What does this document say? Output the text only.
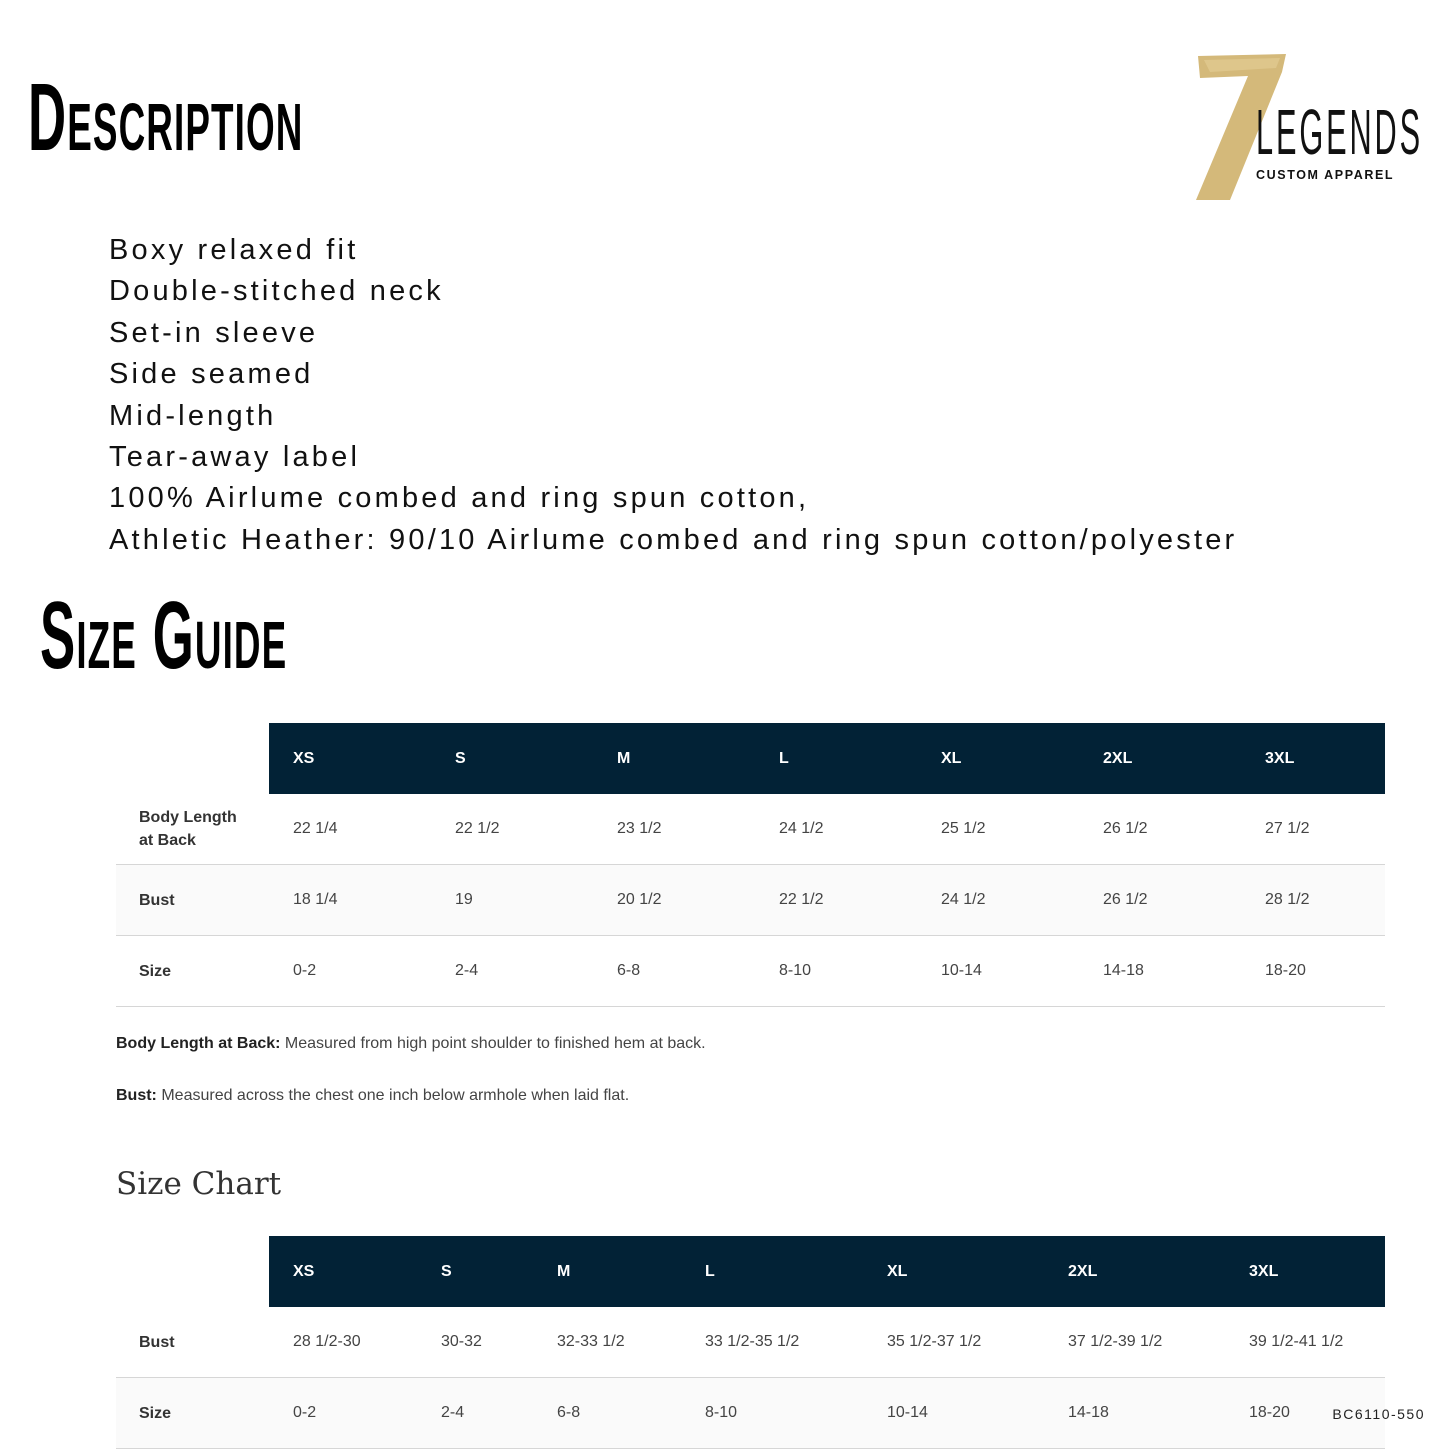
Description	LEGENDS
CUSTOM APPAREL
Boxy relaxed fit
Double-stitched neck
Set-in sleeve
Side seamed
Mid-length
Tear-away label
100% Airlume combed and ring spun cotton,
Athletic Heather: 90/10 Airlume combed and ring spun cotton/polyester
Size Guide
	XS	S	M	L	XL	2XL	3XL
Body Length
at Back	22 1/4	22 1/2	23 1/2	24 1/2	25 1/2	26 1/2	27 1/2
Bust	18 1/4	19	20 1/2	22 1/2	24 1/2	26 1/2	28 1/2
Size	0-2	2-4	6-8	8-10	10-14	14-18	18-20

Body Length at Back: Measured from high point shoulder to finished hem at back.

Bust: Measured across the chest one inch below armhole when laid flat.

Size Chart
	XS	S	M	L	XL	2XL	3XL
Bust	28 1/2-30	30-32	32-33 1/2	33 1/2-35 1/2	35 1/2-37 1/2	37 1/2-39 1/2	39 1/2-41 1/2
Size	0-2	2-4	6-8	8-10	10-14	14-18	18-20	BC6110-550
